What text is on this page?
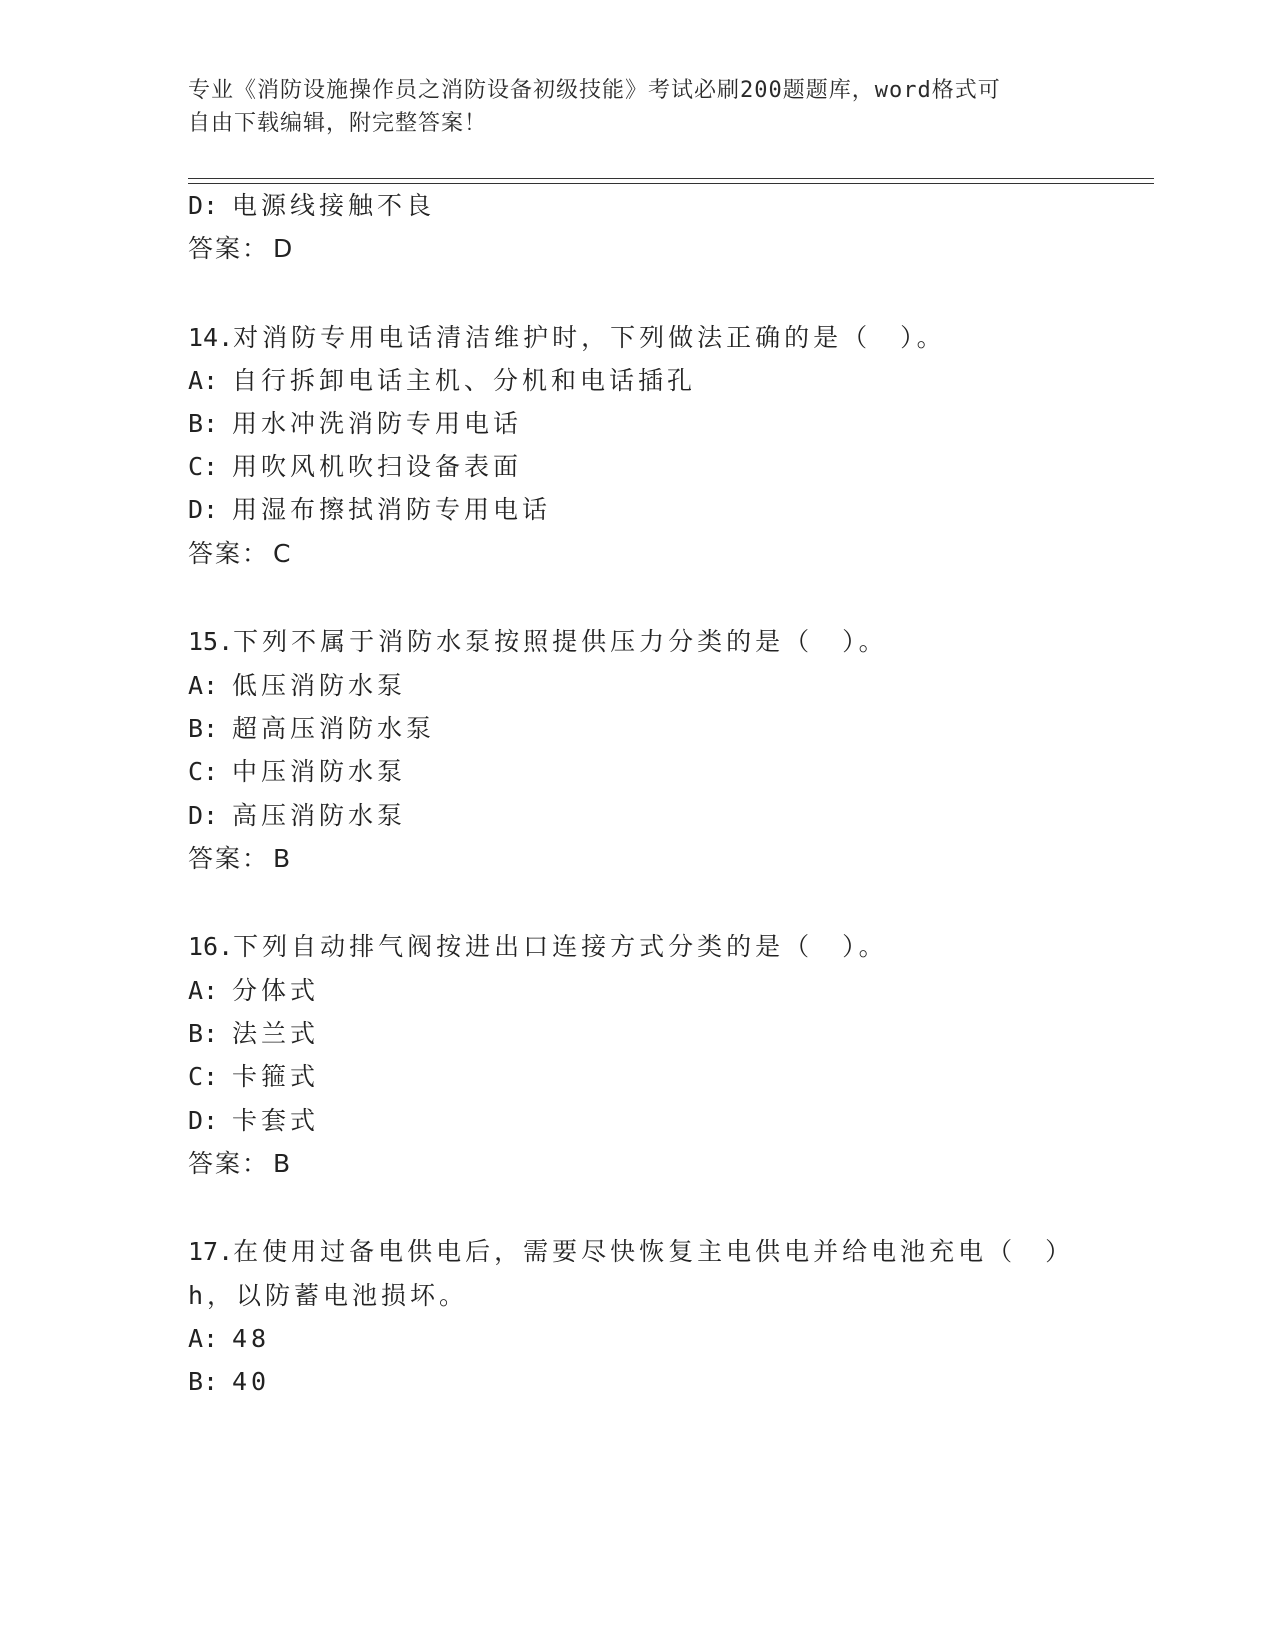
专业《消防设施操作员之消防设备初级技能》考试必刷200题题库，word格式可
自由下载编辑，附完整答案！
D: 电源线接触不良
答案： D
14.对消防专用电话清洁维护时，下列做法正确的是（　）。
A: 自行拆卸电话主机、分机和电话插孔
B: 用水冲洗消防专用电话
C: 用吹风机吹扫设备表面
D: 用湿布擦拭消防专用电话
答案： C
15.下列不属于消防水泵按照提供压力分类的是（　）。
A: 低压消防水泵
B: 超高压消防水泵
C: 中压消防水泵
D: 高压消防水泵
答案： B
16.下列自动排气阀按进出口连接方式分类的是（　）。
A: 分体式
B: 法兰式
C: 卡箍式
D: 卡套式
答案： B
17.在使用过备电供电后，需要尽快恢复主电供电并给电池充电（　）
h，以防蓄电池损坏。
A: 48
B: 40
